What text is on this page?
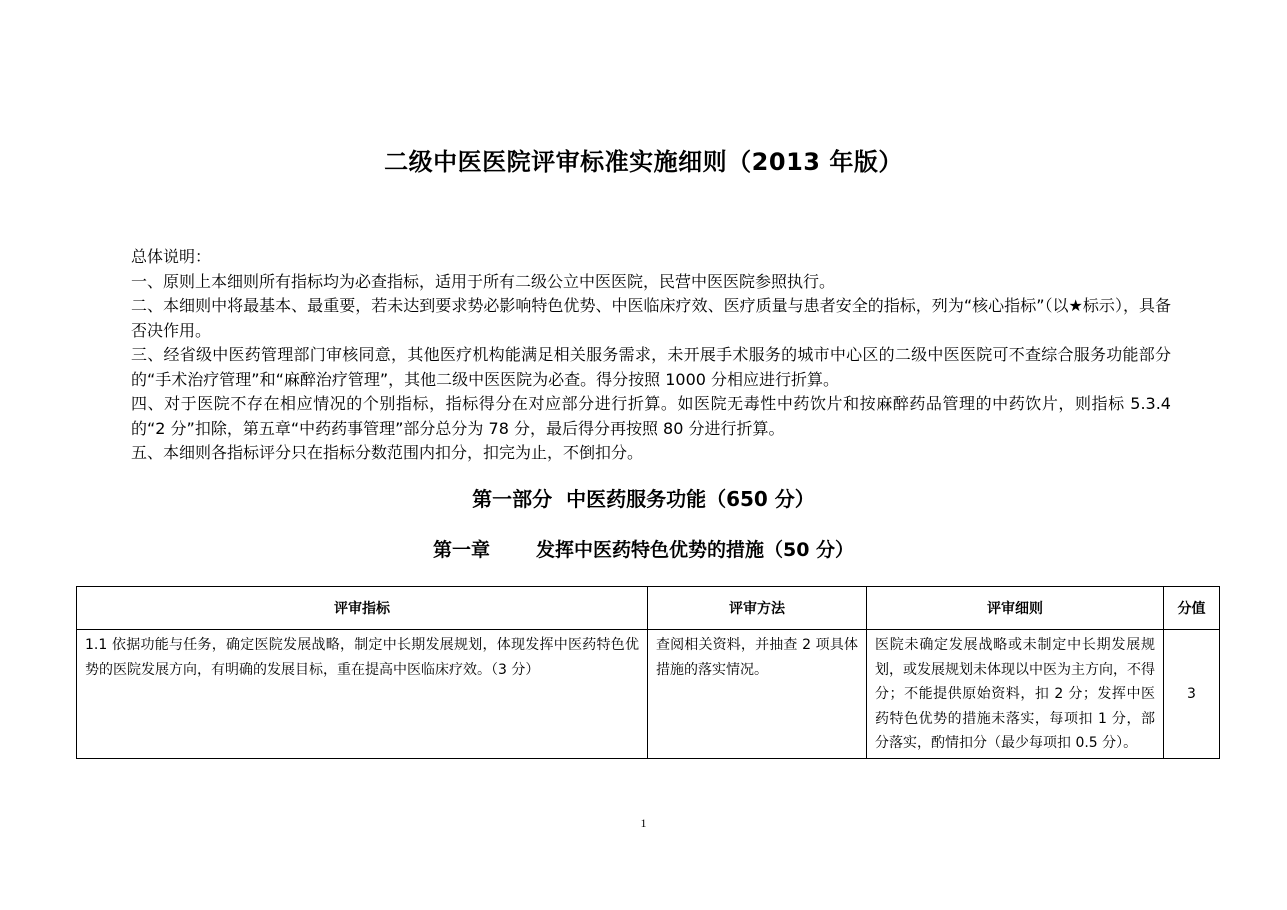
二级中医医院评审标准实施细则（2013 年版）

总体说明：

一、原则上本细则所有指标均为必查指标，适用于所有二级公立中医医院，民营中医医院参照执行。

二、本细则中将最基本、最重要，若未达到要求势必影响特色优势、中医临床疗效、医疗质量与患者安全的指标，列为“核心指标”（以★标示），具备否决作用。

三、经省级中医药管理部门审核同意，其他医疗机构能满足相关服务需求，未开展手术服务的城市中心区的二级中医医院可不查综合服务功能部分的“手术治疗管理”和“麻醉治疗管理”，其他二级中医医院为必查。得分按照 1000 分相应进行折算。

四、对于医院不存在相应情况的个别指标，指标得分在对应部分进行折算。如医院无毒性中药饮片和按麻醉药品管理的中药饮片，则指标 5.3.4 的“2 分”扣除，第五章“中药药事管理”部分总分为 78 分，最后得分再按照 80 分进行折算。

五、本细则各指标评分只在指标分数范围内扣分，扣完为止，不倒扣分。

第一部分  中医药服务功能（650 分）
第一章 发挥中医药特色优势的措施（50 分）
评审指标	评审方法	评审细则	分值
1.1 依据功能与任务，确定医院发展战略，制定中长期发展规划，体现发挥中医药特色优势的医院发展方向，有明确的发展目标，重在提高中医临床疗效。（3 分）	查阅相关资料，并抽查 2 项具体措施的落实情况。	医院未确定发展战略或未制定中长期发展规划，或发展规划未体现以中医为主方向，不得分；不能提供原始资料，扣 2 分；发挥中医药特色优势的措施未落实，每项扣 1 分，部分落实，酌情扣分（最少每项扣 0.5 分）。	3
1
